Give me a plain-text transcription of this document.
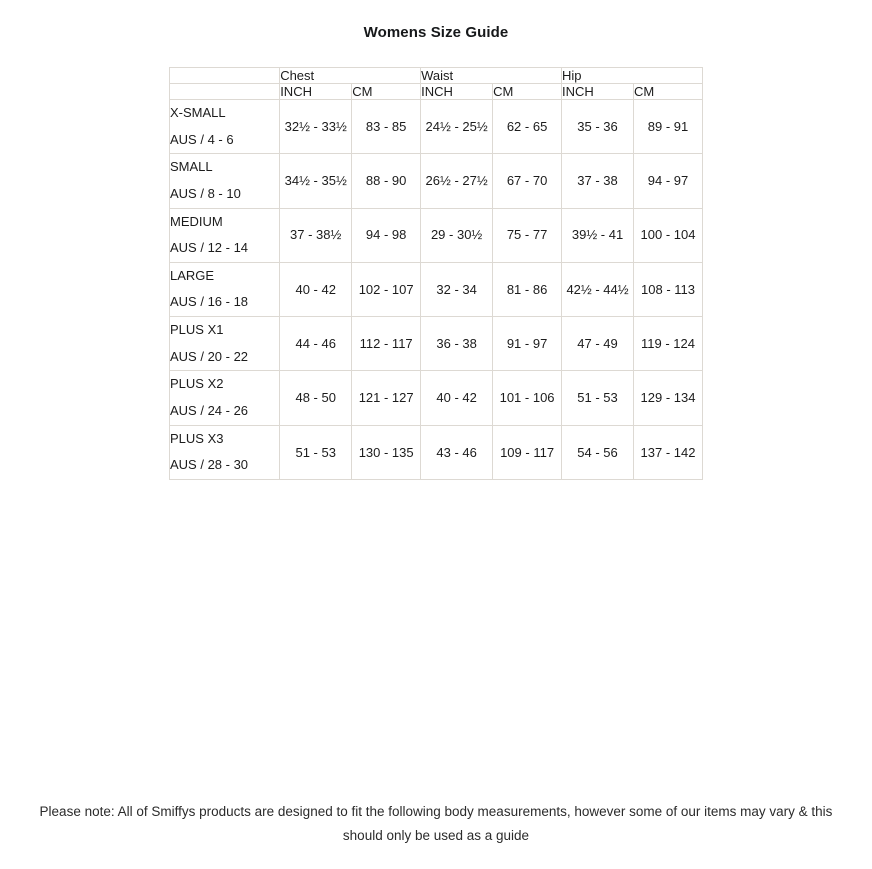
Womens Size Guide
	Chest		Waist		Hip	
	INCH	CM	INCH	CM	INCH	CM

X-SMALL
AUS / 4 - 6	32½ - 33½	83 - 85	24½ - 25½	62 - 65	35 - 36	89 - 91

SMALL
AUS / 8 - 10	34½ - 35½	88 - 90	26½ - 27½	67 - 70	37 - 38	94 - 97

MEDIUM
AUS / 12 - 14	37 - 38½	94 - 98	29 - 30½	75 - 77	39½ - 41	100 - 104

LARGE
AUS / 16 - 18	40 - 42	102 - 107	32 - 34	81 - 86	42½ - 44½	108 - 113

PLUS X1
AUS / 20 - 22	44 - 46	112 - 117	36 - 38	91 - 97	47 - 49	119 - 124

PLUS X2
AUS / 24 - 26	48 - 50	121 - 127	40 - 42	101 - 106	51 - 53	129 - 134

PLUS X3
AUS / 28 - 30	51 - 53	130 - 135	43 - 46	109 - 117	54 - 56	137 - 142
Please note: All of Smiffys products are designed to fit the following body measurements, however some of our items may vary & this should only be used as a guide
